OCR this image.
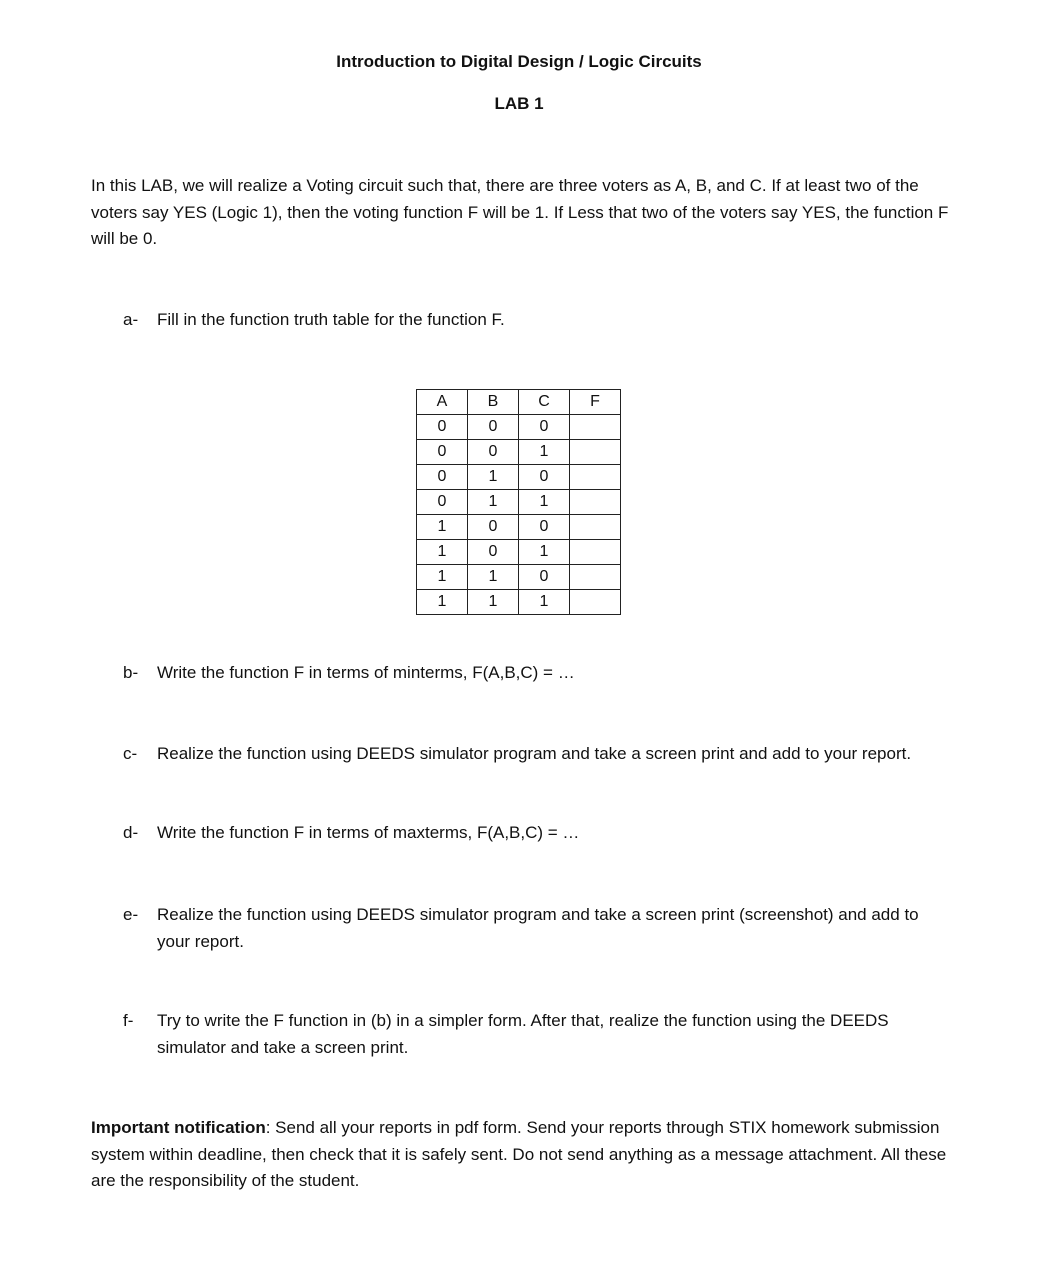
Introduction to Digital Design / Logic Circuits
LAB 1
In this LAB, we will realize a Voting circuit such that, there are three voters as A, B, and C. If at least two of the voters say YES (Logic 1), then the voting function F will be 1. If Less that two of the voters say YES, the function F will be 0.
a-	Fill in the function truth table for the function F.
A	B	C	F
0	0	0	
0	0	1	
0	1	0	
0	1	1	
1	0	0	
1	0	1	
1	1	0	
1	1	1	
b-	Write the function F in terms of minterms, F(A,B,C) = …
c-	Realize the function using DEEDS simulator program and take a screen print and add to your report.
d-	Write the function F in terms of maxterms, F(A,B,C) = …
e-	Realize the function using DEEDS simulator program and take a screen print (screenshot) and add to your report.
f-	Try to write the F function in (b) in a simpler form. After that, realize the function using the DEEDS simulator and take a screen print.
Important notification: Send all your reports in pdf form. Send your reports through STIX homework submission system within deadline, then check that it is safely sent. Do not send anything as a message attachment. All these are the responsibility of the student.
